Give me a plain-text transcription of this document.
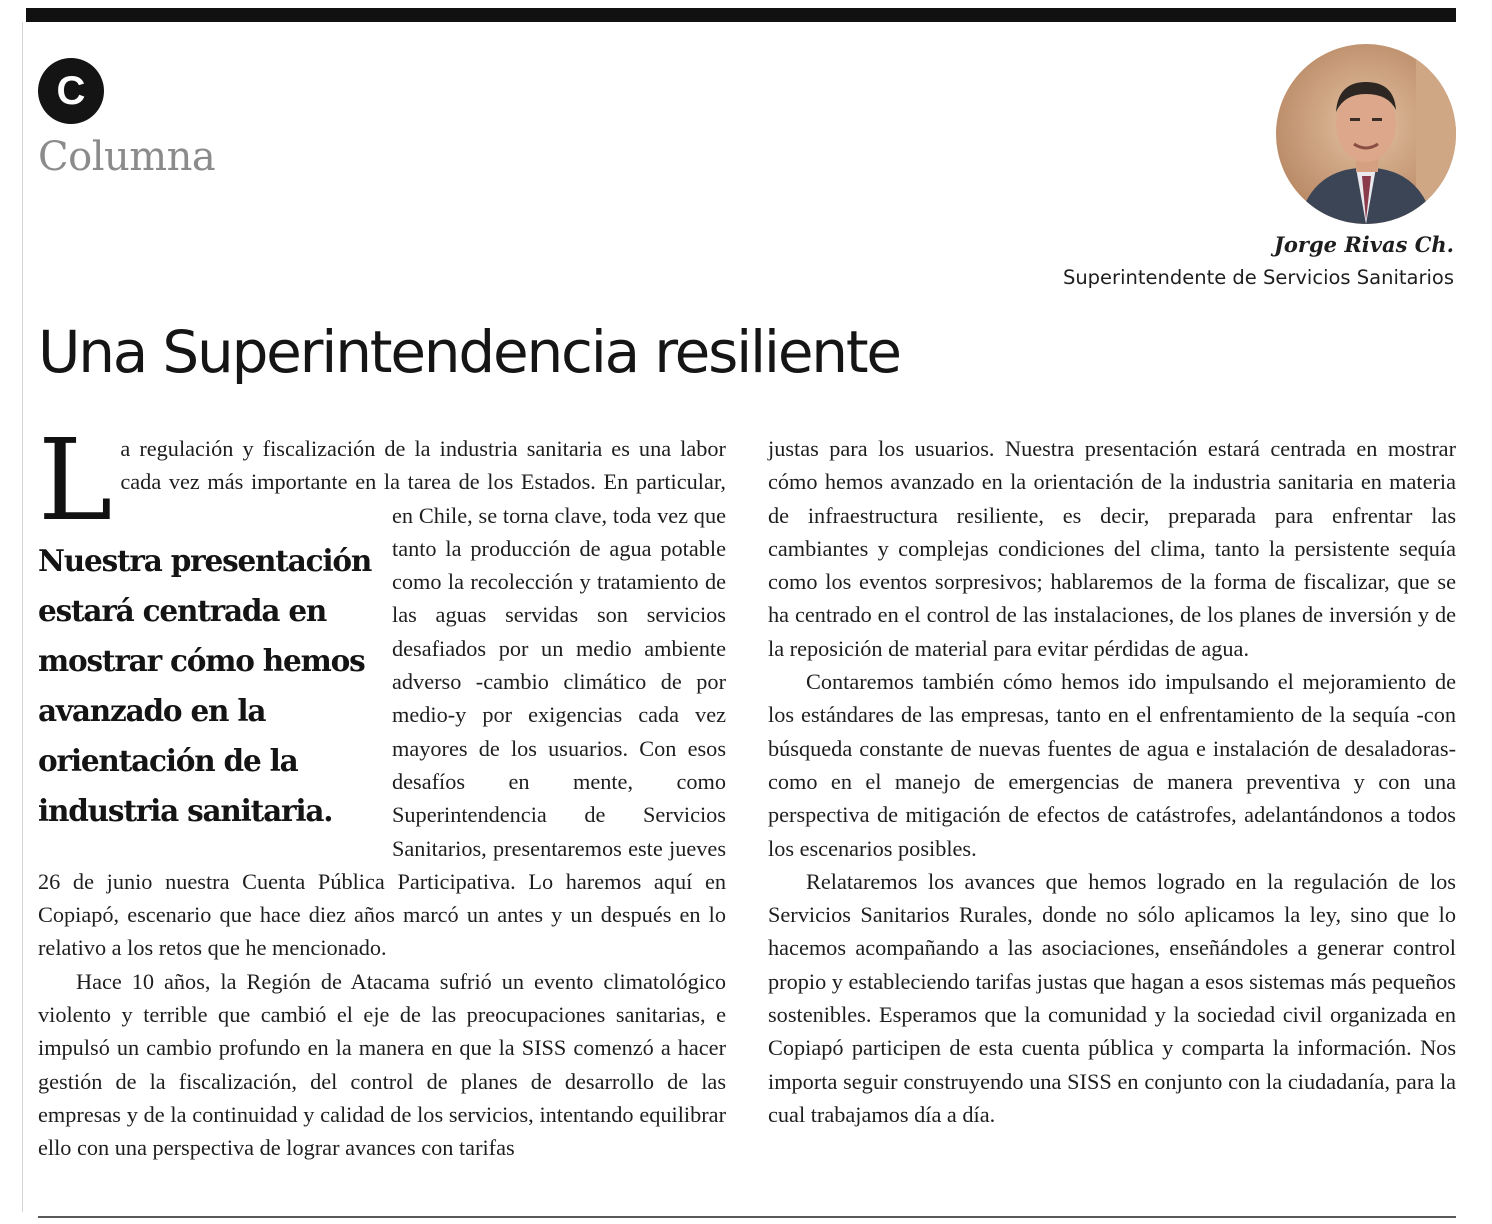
C
Columna

Jorge Rivas Ch.

Superintendente de Servicios Sanitarios

Una Superintendencia resiliente
L
Nuestra presentación estará centrada en mostrar cómo hemos avanzado en la orientación de la industria sanitaria.

a regulación y fiscalización de la industria sanitaria es una labor cada vez más importante en la tarea de los Estados. En particular, en Chile, se torna clave, toda vez que tanto la producción de agua potable como la recolección y tratamiento de las aguas servidas son servicios desafiados por un medio ambiente adverso -cambio climático de por medio-y por exigencias cada vez mayores de los usuarios. Con esos desafíos en mente, como Superintendencia de Servicios Sanitarios, presentaremos este jueves 26 de junio nuestra Cuenta Pública Participativa. Lo haremos aquí en Copiapó, escenario que hace diez años marcó un antes y un después en lo relativo a los retos que he mencionado.

Hace 10 años, la Región de Atacama sufrió un evento climatológico violento y terrible que cambió el eje de las preocupaciones sanitarias, e impulsó un cambio profundo en la manera en que la SISS comenzó a hacer gestión de la fiscalización, del control de planes de desarrollo de las empresas y de la continuidad y calidad de los servicios, intentando equilibrar ello con una perspectiva de lograr avances con tarifas

justas para los usuarios. Nuestra presentación estará centrada en mostrar cómo hemos avanzado en la orientación de la industria sanitaria en materia de infraestructura resiliente, es decir, preparada para enfrentar las cambiantes y complejas condiciones del clima, tanto la persistente sequía como los eventos sorpresivos; hablaremos de la forma de fiscalizar, que se ha centrado en el control de las instalaciones, de los planes de inversión y de la reposición de material para evitar pérdidas de agua.

Contaremos también cómo hemos ido impulsando el mejoramiento de los estándares de las empresas, tanto en el enfrentamiento de la sequía -con búsqueda constante de nuevas fuentes de agua e instalación de desaladoras- como en el manejo de emergencias de manera preventiva y con una perspectiva de mitigación de efectos de catástrofes, adelantándonos a todos los escenarios posibles.

Relataremos los avances que hemos logrado en la regulación de los Servicios Sanitarios Rurales, donde no sólo aplicamos la ley, sino que lo hacemos acompañando a las asociaciones, enseñándoles a generar control propio y estableciendo tarifas justas que hagan a esos sistemas más pequeños sostenibles. Esperamos que la comunidad y la sociedad civil organizada en Copiapó participen de esta cuenta pública y comparta la información. Nos importa seguir construyendo una SISS en conjunto con la ciudadanía, para la cual trabajamos día a día.
